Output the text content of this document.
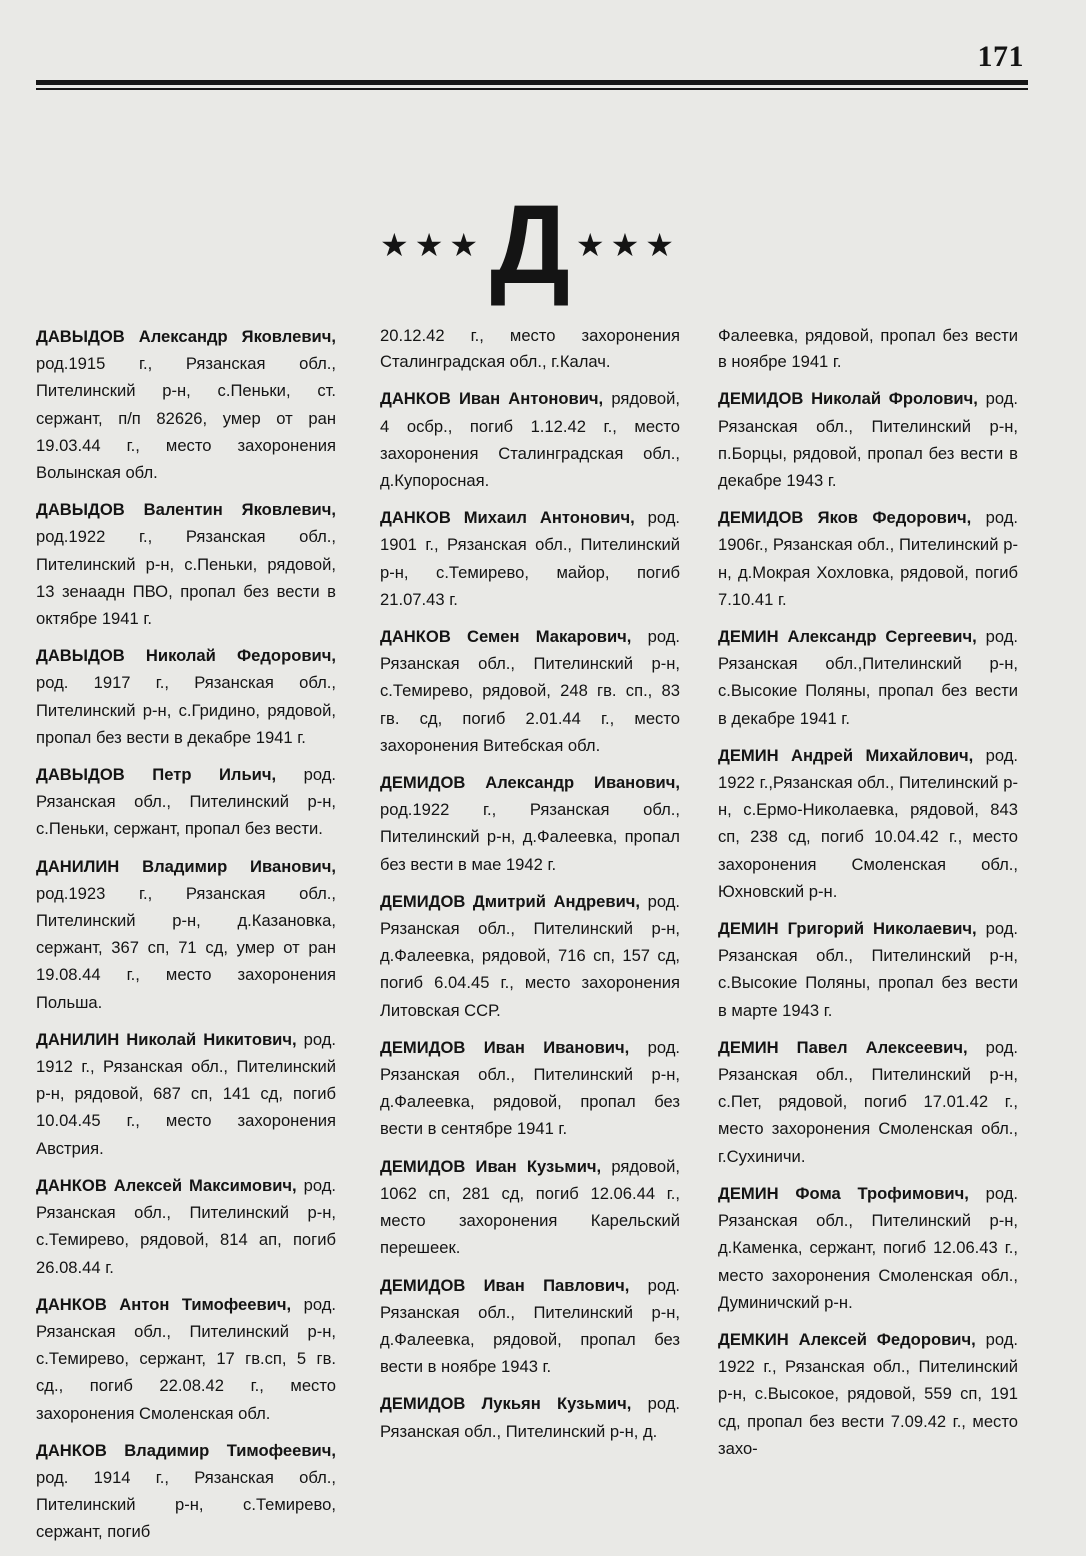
171
★★★ Д ★★★
ДАВЫДОВ Александр Яковлевич, род.1915 г., Рязанская обл., Пителинский р-н, с.Пеньки, ст. сержант, п/п 82626, умер от ран 19.03.44 г., место захоронения Волынская обл.
ДАВЫДОВ Валентин Яковлевич, род.1922 г., Рязанская обл., Пителинский р-н, с.Пеньки, рядовой, 13 зенаадн ПВО, пропал без вести в октябре 1941 г.
ДАВЫДОВ Николай Федорович, род. 1917 г., Рязанская обл., Пителинский р-н, с.Гридино, рядовой, пропал без вести в декабре 1941 г.
ДАВЫДОВ Петр Ильич, род. Рязанская обл., Пителинский р-н, с.Пеньки, сержант, пропал без вести.
ДАНИЛИН Владимир Иванович, род.1923 г., Рязанская обл., Пителинский р-н, д.Казановка, сержант, 367 сп, 71 сд, умер от ран 19.08.44 г., место захоронения Польша.
ДАНИЛИН Николай Никитович, род. 1912 г., Рязанская обл., Пителинский р-н, рядовой, 687 сп, 141 сд, погиб 10.04.45 г., место захоронения Австрия.
ДАНКОВ Алексей Максимович, род. Рязанская обл., Пителинский р-н, с.Темирево, рядовой, 814 ап, погиб 26.08.44 г.
ДАНКОВ Антон Тимофеевич, род. Рязанская обл., Пителинский р-н, с.Темирево, сержант, 17 гв.сп, 5 гв. сд., погиб 22.08.42 г., место захоронения Смоленская обл.
ДАНКОВ Владимир Тимофеевич, род. 1914 г., Рязанская обл., Пителинский р-н, с.Темирево, сержант, погиб
20.12.42 г., место захоронения Сталинградская обл., г.Калач.
ДАНКОВ Иван Антонович, рядовой, 4 осбр., погиб 1.12.42 г., место захоронения Сталинградская обл., д.Купоросная.
ДАНКОВ Михаил Антонович, род. 1901 г., Рязанская обл., Пителинский р-н, с.Темирево, майор, погиб 21.07.43 г.
ДАНКОВ Семен Макарович, род. Рязанская обл., Пителинский р-н, с.Темирево, рядовой, 248 гв. сп., 83 гв. сд, погиб 2.01.44 г., место захоронения Витебская обл.
ДЕМИДОВ Александр Иванович, род.1922 г., Рязанская обл., Пителинский р-н, д.Фалеевка, пропал без вести в мае 1942 г.
ДЕМИДОВ Дмитрий Андревич, род. Рязанская обл., Пителинский р-н, д.Фалеевка, рядовой, 716 сп, 157 сд, погиб 6.04.45 г., место захоронения Литовская ССР.
ДЕМИДОВ Иван Иванович, род. Рязанская обл., Пителинский р-н, д.Фалеевка, рядовой, пропал без вести в сентябре 1941 г.
ДЕМИДОВ Иван Кузьмич, рядовой, 1062 сп, 281 сд, погиб 12.06.44 г., место захоронения Карельский перешеек.
ДЕМИДОВ Иван Павлович, род. Рязанская обл., Пителинский р-н, д.Фалеевка, рядовой, пропал без вести в ноябре 1943 г.
ДЕМИДОВ Лукьян Кузьмич, род. Рязанская обл., Пителинский р-н, д.
Фалеевка, рядовой, пропал без вести в ноябре 1941 г.
ДЕМИДОВ Николай Фролович, род. Рязанская обл., Пителинский р-н, п.Борцы, рядовой, пропал без вести в декабре 1943 г.
ДЕМИДОВ Яков Федорович, род. 1906г., Рязанская обл., Пителинский р-н, д.Мокрая Хохловка, рядовой, погиб 7.10.41 г.
ДЕМИН Александр Сергеевич, род. Рязанская обл.,Пителинский р-н, с.Высокие Поляны, пропал без вести в декабре 1941 г.
ДЕМИН Андрей Михайлович, род. 1922 г.,Рязанская обл., Пителинский р-н, с.Ермо-Николаевка, рядовой, 843 сп, 238 сд, погиб 10.04.42 г., место захоронения Смоленская обл., Юхновский р-н.
ДЕМИН Григорий Николаевич, род. Рязанская обл., Пителинский р-н, с.Высокие Поляны, пропал без вести в марте 1943 г.
ДЕМИН Павел Алексеевич, род. Рязанская обл., Пителинский р-н, с.Пет, рядовой, погиб 17.01.42 г., место захоронения Смоленская обл., г.Сухиничи.
ДЕМИН Фома Трофимович, род. Рязанская обл., Пителинский р-н, д.Каменка, сержант, погиб 12.06.43 г., место захоронения Смоленская обл., Думиничский р-н.
ДЕМКИН Алексей Федорович, род. 1922 г., Рязанская обл., Пителинский р-н, с.Высокое, рядовой, 559 сп, 191 сд, пропал без вести 7.09.42 г., место захо-
